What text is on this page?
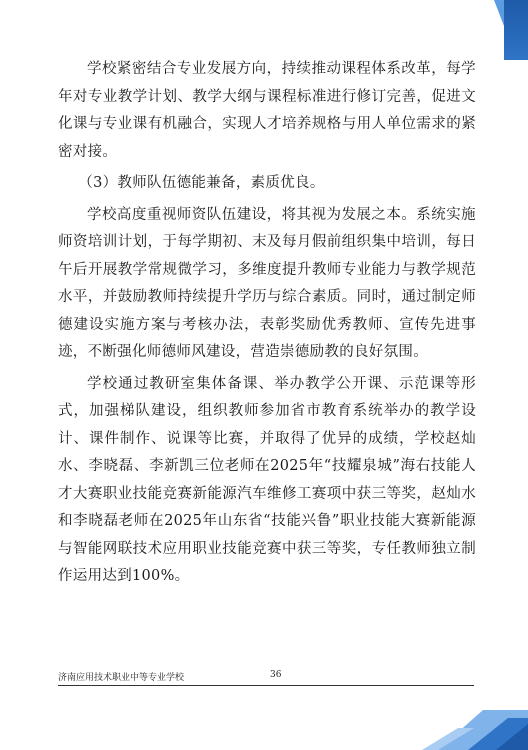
学校紧密结合专业发展方向，持续推动课程体系改革，每学年对专业教学计划、教学大纲与课程标准进行修订完善，促进文化课与专业课有机融合，实现人才培养规格与用人单位需求的紧密对接。

（3）教师队伍德能兼备，素质优良。

学校高度重视师资队伍建设，将其视为发展之本。系统实施师资培训计划，于每学期初、末及每月假前组织集中培训，每日午后开展教学常规微学习，多维度提升教师专业能力与教学规范水平，并鼓励教师持续提升学历与综合素质。同时，通过制定师德建设实施方案与考核办法，表彰奖励优秀教师、宣传先进事迹，不断强化师德师风建设，营造崇德励教的良好氛围。

学校通过教研室集体备课、举办教学公开课、示范课等形式，加强梯队建设，组织教师参加省市教育系统举办的教学设计、课件制作、说课等比赛，并取得了优异的成绩，学校赵灿水、李晓磊、李新凯三位老师在2025年“技耀泉城”海右技能人才大赛职业技能竞赛新能源汽车维修工赛项中获三等奖，赵灿水和李晓磊老师在2025年山东省“技能兴鲁”职业技能大赛新能源与智能网联技术应用职业技能竞赛中获三等奖，专任教师独立制作运用达到100%。

济南应用技术职业中等专业学校	36
